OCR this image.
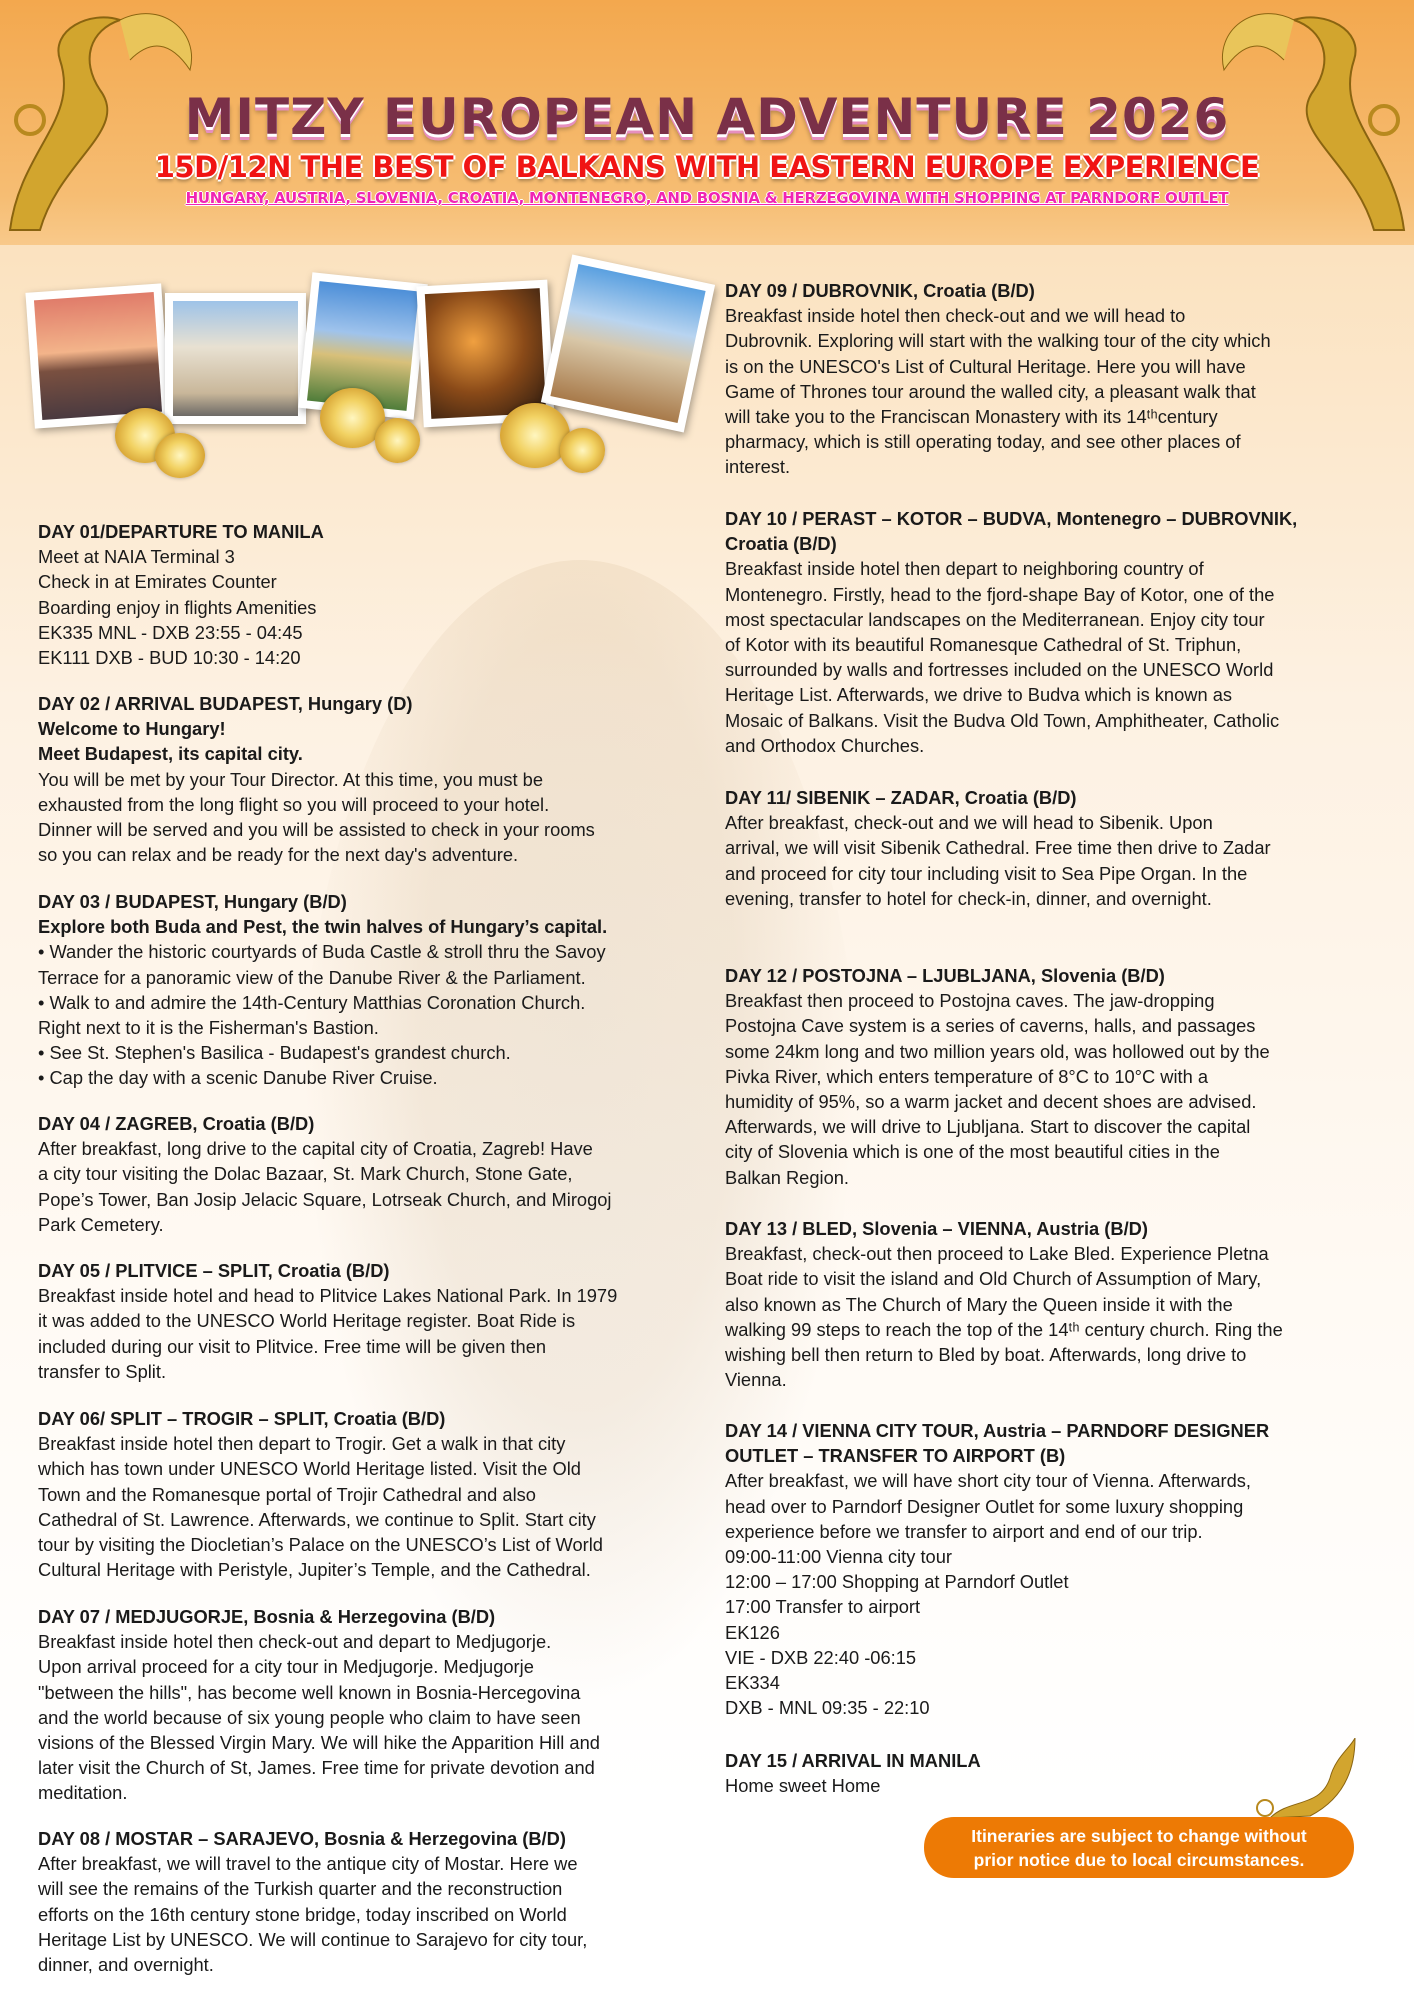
MITZY EUROPEAN ADVENTURE 2026
15D/12N THE BEST OF BALKANS WITH EASTERN EUROPE EXPERIENCE
HUNGARY, AUSTRIA, SLOVENIA, CROATIA, MONTENEGRO, AND BOSNIA & HERZEGOVINA WITH SHOPPING AT PARNDORF OUTLET
DAY 01/DEPARTURE TO MANILA
Meet at NAIA Terminal 3
Check in at Emirates Counter
Boarding enjoy in flights Amenities
EK335 MNL - DXB 23:55 - 04:45
EK111 DXB - BUD 10:30 - 14:20
DAY 02 / ARRIVAL BUDAPEST, Hungary (D)
Welcome to Hungary!
Meet Budapest, its capital city.
You will be met by your Tour Director. At this time, you must be
exhausted from the long flight so you will proceed to your hotel.
Dinner will be served and you will be assisted to check in your rooms
so you can relax and be ready for the next day's adventure.
DAY 03 / BUDAPEST, Hungary (B/D)
Explore both Buda and Pest, the twin halves of Hungary’s capital.
• Wander the historic courtyards of Buda Castle & stroll thru the Savoy
Terrace for a panoramic view of the Danube River & the Parliament.
• Walk to and admire the 14th-Century Matthias Coronation Church.
Right next to it is the Fisherman's Bastion.
• See St. Stephen's Basilica - Budapest's grandest church.
• Cap the day with a scenic Danube River Cruise.
DAY 04 / ZAGREB, Croatia (B/D)
After breakfast, long drive to the capital city of Croatia, Zagreb! Have
a city tour visiting the Dolac Bazaar, St. Mark Church, Stone Gate,
Pope’s Tower, Ban Josip Jelacic Square, Lotrseak Church, and Mirogoj
Park Cemetery.
DAY 05 / PLITVICE – SPLIT, Croatia (B/D)
Breakfast inside hotel and head to Plitvice Lakes National Park. In 1979
it was added to the UNESCO World Heritage register. Boat Ride is
included during our visit to Plitvice. Free time will be given then
transfer to Split.
DAY 06/ SPLIT – TROGIR – SPLIT, Croatia (B/D)
Breakfast inside hotel then depart to Trogir. Get a walk in that city
which has town under UNESCO World Heritage listed. Visit the Old
Town and the Romanesque portal of Trojir Cathedral and also
Cathedral of St. Lawrence. Afterwards, we continue to Split. Start city
tour by visiting the Diocletian’s Palace on the UNESCO’s List of World
Cultural Heritage with Peristyle, Jupiter’s Temple, and the Cathedral.
DAY 07 / MEDJUGORJE, Bosnia & Herzegovina (B/D)
Breakfast inside hotel then check-out and depart to Medjugorje.
Upon arrival proceed for a city tour in Medjugorje. Medjugorje
"between the hills", has become well known in Bosnia-Hercegovina
and the world because of six young people who claim to have seen
visions of the Blessed Virgin Mary. We will hike the Apparition Hill and
later visit the Church of St, James. Free time for private devotion and
meditation.
DAY 08 / MOSTAR – SARAJEVO, Bosnia & Herzegovina (B/D)
After breakfast, we will travel to the antique city of Mostar. Here we
will see the remains of the Turkish quarter and the reconstruction
efforts on the 16th century stone bridge, today inscribed on World
Heritage List by UNESCO. We will continue to Sarajevo for city tour,
dinner, and overnight.
DAY 09 / DUBROVNIK, Croatia (B/D)
Breakfast inside hotel then check-out and we will head to
Dubrovnik. Exploring will start with the walking tour of the city which
is on the UNESCO's List of Cultural Heritage. Here you will have
Game of Thrones tour around the walled city, a pleasant walk that
will take you to the Franciscan Monastery with its 14ᵗʰcentury
pharmacy, which is still operating today, and see other places of
interest.
DAY 10 / PERAST – KOTOR – BUDVA, Montenegro – DUBROVNIK,
Croatia (B/D)
Breakfast inside hotel then depart to neighboring country of
Montenegro. Firstly, head to the fjord-shape Bay of Kotor, one of the
most spectacular landscapes on the Mediterranean. Enjoy city tour
of Kotor with its beautiful Romanesque Cathedral of St. Triphun,
surrounded by walls and fortresses included on the UNESCO World
Heritage List. Afterwards, we drive to Budva which is known as
Mosaic of Balkans. Visit the Budva Old Town, Amphitheater, Catholic
and Orthodox Churches.
DAY 11/ SIBENIK – ZADAR, Croatia (B/D)
After breakfast, check-out and we will head to Sibenik. Upon
arrival, we will visit Sibenik Cathedral. Free time then drive to Zadar
and proceed for city tour including visit to Sea Pipe Organ. In the
evening, transfer to hotel for check-in, dinner, and overnight.
DAY 12 / POSTOJNA – LJUBLJANA, Slovenia (B/D)
Breakfast then proceed to Postojna caves. The jaw-dropping
Postojna Cave system is a series of caverns, halls, and passages
some 24km long and two million years old, was hollowed out by the
Pivka River, which enters temperature of 8°C to 10°C with a
humidity of 95%, so a warm jacket and decent shoes are advised.
Afterwards, we will drive to Ljubljana. Start to discover the capital
city of Slovenia which is one of the most beautiful cities in the
Balkan Region.
DAY 13 / BLED, Slovenia – VIENNA, Austria (B/D)
Breakfast, check-out then proceed to Lake Bled. Experience Pletna
Boat ride to visit the island and Old Church of Assumption of Mary,
also known as The Church of Mary the Queen inside it with the
walking 99 steps to reach the top of the 14ᵗʰ century church. Ring the
wishing bell then return to Bled by boat. Afterwards, long drive to
Vienna.
DAY 14 / VIENNA CITY TOUR, Austria – PARNDORF DESIGNER
OUTLET – TRANSFER TO AIRPORT (B)
After breakfast, we will have short city tour of Vienna. Afterwards,
head over to Parndorf Designer Outlet for some luxury shopping
experience before we transfer to airport and end of our trip.
09:00-11:00 Vienna city tour
12:00 – 17:00 Shopping at Parndorf Outlet
17:00 Transfer to airport
EK126
VIE - DXB 22:40 -06:15
EK334
DXB - MNL 09:35 - 22:10
DAY 15 / ARRIVAL IN MANILA
Home sweet Home
Itineraries are subject to change without
prior notice due to local circumstances.
